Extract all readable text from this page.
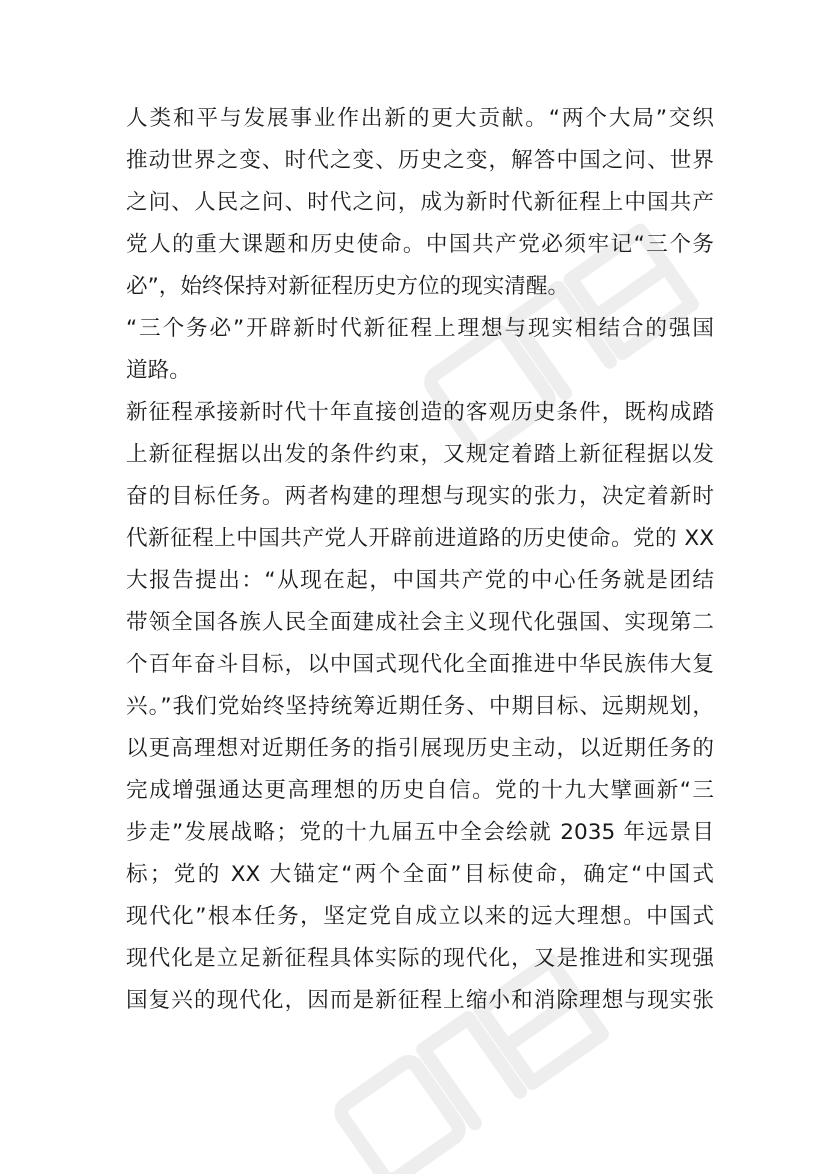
人类和平与发展事业作出新的更大贡献。“两个大局”交织
推动世界之变、时代之变、历史之变，解答中国之问、世界
之问、人民之问、时代之问，成为新时代新征程上中国共产
党人的重大课题和历史使命。中国共产党必须牢记“三个务
必”，始终保持对新征程历史方位的现实清醒。
“三个务必”开辟新时代新征程上理想与现实相结合的强国
道路。
新征程承接新时代十年直接创造的客观历史条件，既构成踏
上新征程据以出发的条件约束，又规定着踏上新征程据以发
奋的目标任务。两者构建的理想与现实的张力，决定着新时
代新征程上中国共产党人开辟前进道路的历史使命。党的 XX
大报告提出：“从现在起，中国共产党的中心任务就是团结
带领全国各族人民全面建成社会主义现代化强国、实现第二
个百年奋斗目标，以中国式现代化全面推进中华民族伟大复
兴。”我们党始终坚持统筹近期任务、中期目标、远期规划，
以更高理想对近期任务的指引展现历史主动，以近期任务的
完成增强通达更高理想的历史自信。党的十九大擘画新“三
步走”发展战略；党的十九届五中全会绘就 2035 年远景目
标；党的 XX 大锚定“两个全面”目标使命，确定“中国式
现代化”根本任务，坚定党自成立以来的远大理想。中国式
现代化是立足新征程具体实际的现代化，又是推进和实现强
国复兴的现代化，因而是新征程上缩小和消除理想与现实张
